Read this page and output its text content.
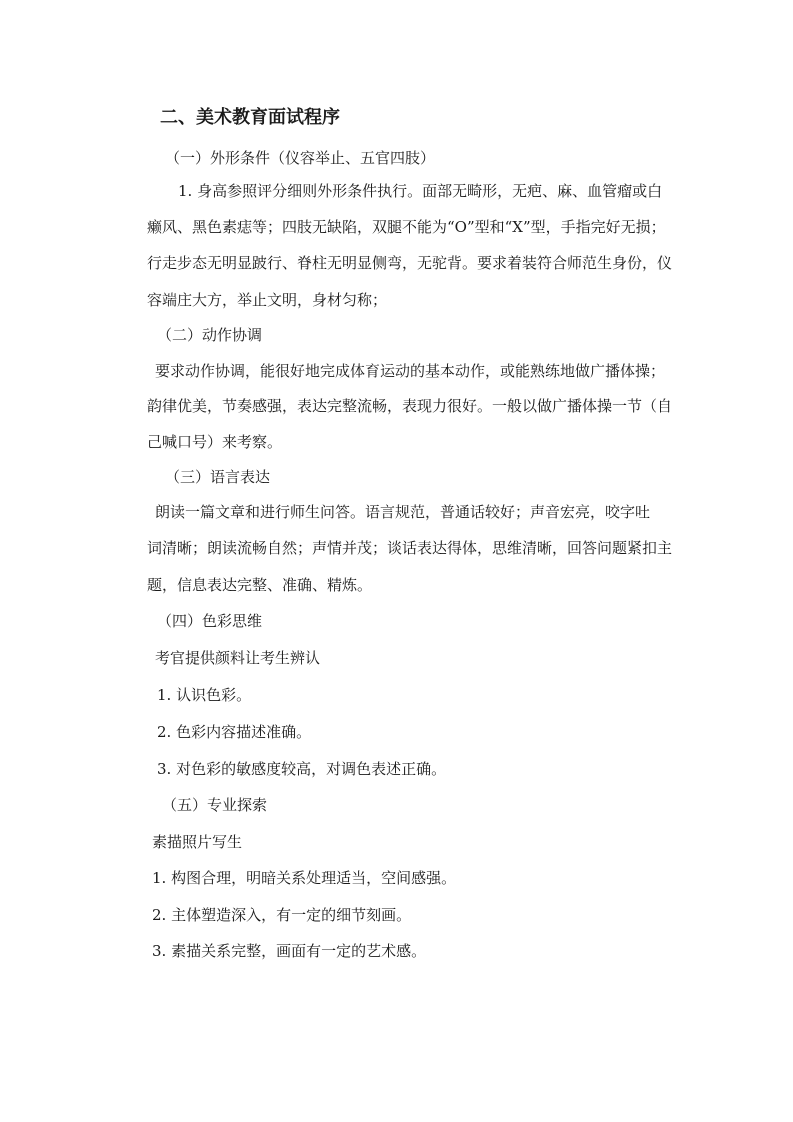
二、美术教育面试程序
（一）外形条件（仪容举止、五官四肢）
1. 身高参照评分细则外形条件执行。面部无畸形，无疤、麻、血管瘤或白
癞风、黑色素痣等；四肢无缺陷，双腿不能为“O”型和“X”型，手指完好无损；
行走步态无明显跛行、脊柱无明显侧弯，无驼背。要求着装符合师范生身份，仪
容端庄大方，举止文明，身材匀称；
（二）动作协调
要求动作协调，能很好地完成体育运动的基本动作，或能熟练地做广播体操；
韵律优美，节奏感强，表达完整流畅，表现力很好。一般以做广播体操一节（自
己喊口号）来考察。
（三）语言表达
朗读一篇文章和进行师生问答。语言规范，普通话较好；声音宏亮，咬字吐
词清晰；朗读流畅自然；声情并茂；谈话表达得体，思维清晰，回答问题紧扣主
题，信息表达完整、准确、精炼。
（四）色彩思维
考官提供颜料让考生辨认
1. 认识色彩。
2. 色彩内容描述准确。
3. 对色彩的敏感度较高，对调色表述正确。
（五）专业探索
素描照片写生
1. 构图合理，明暗关系处理适当，空间感强。
2. 主体塑造深入，有一定的细节刻画。
3. 素描关系完整，画面有一定的艺术感。
